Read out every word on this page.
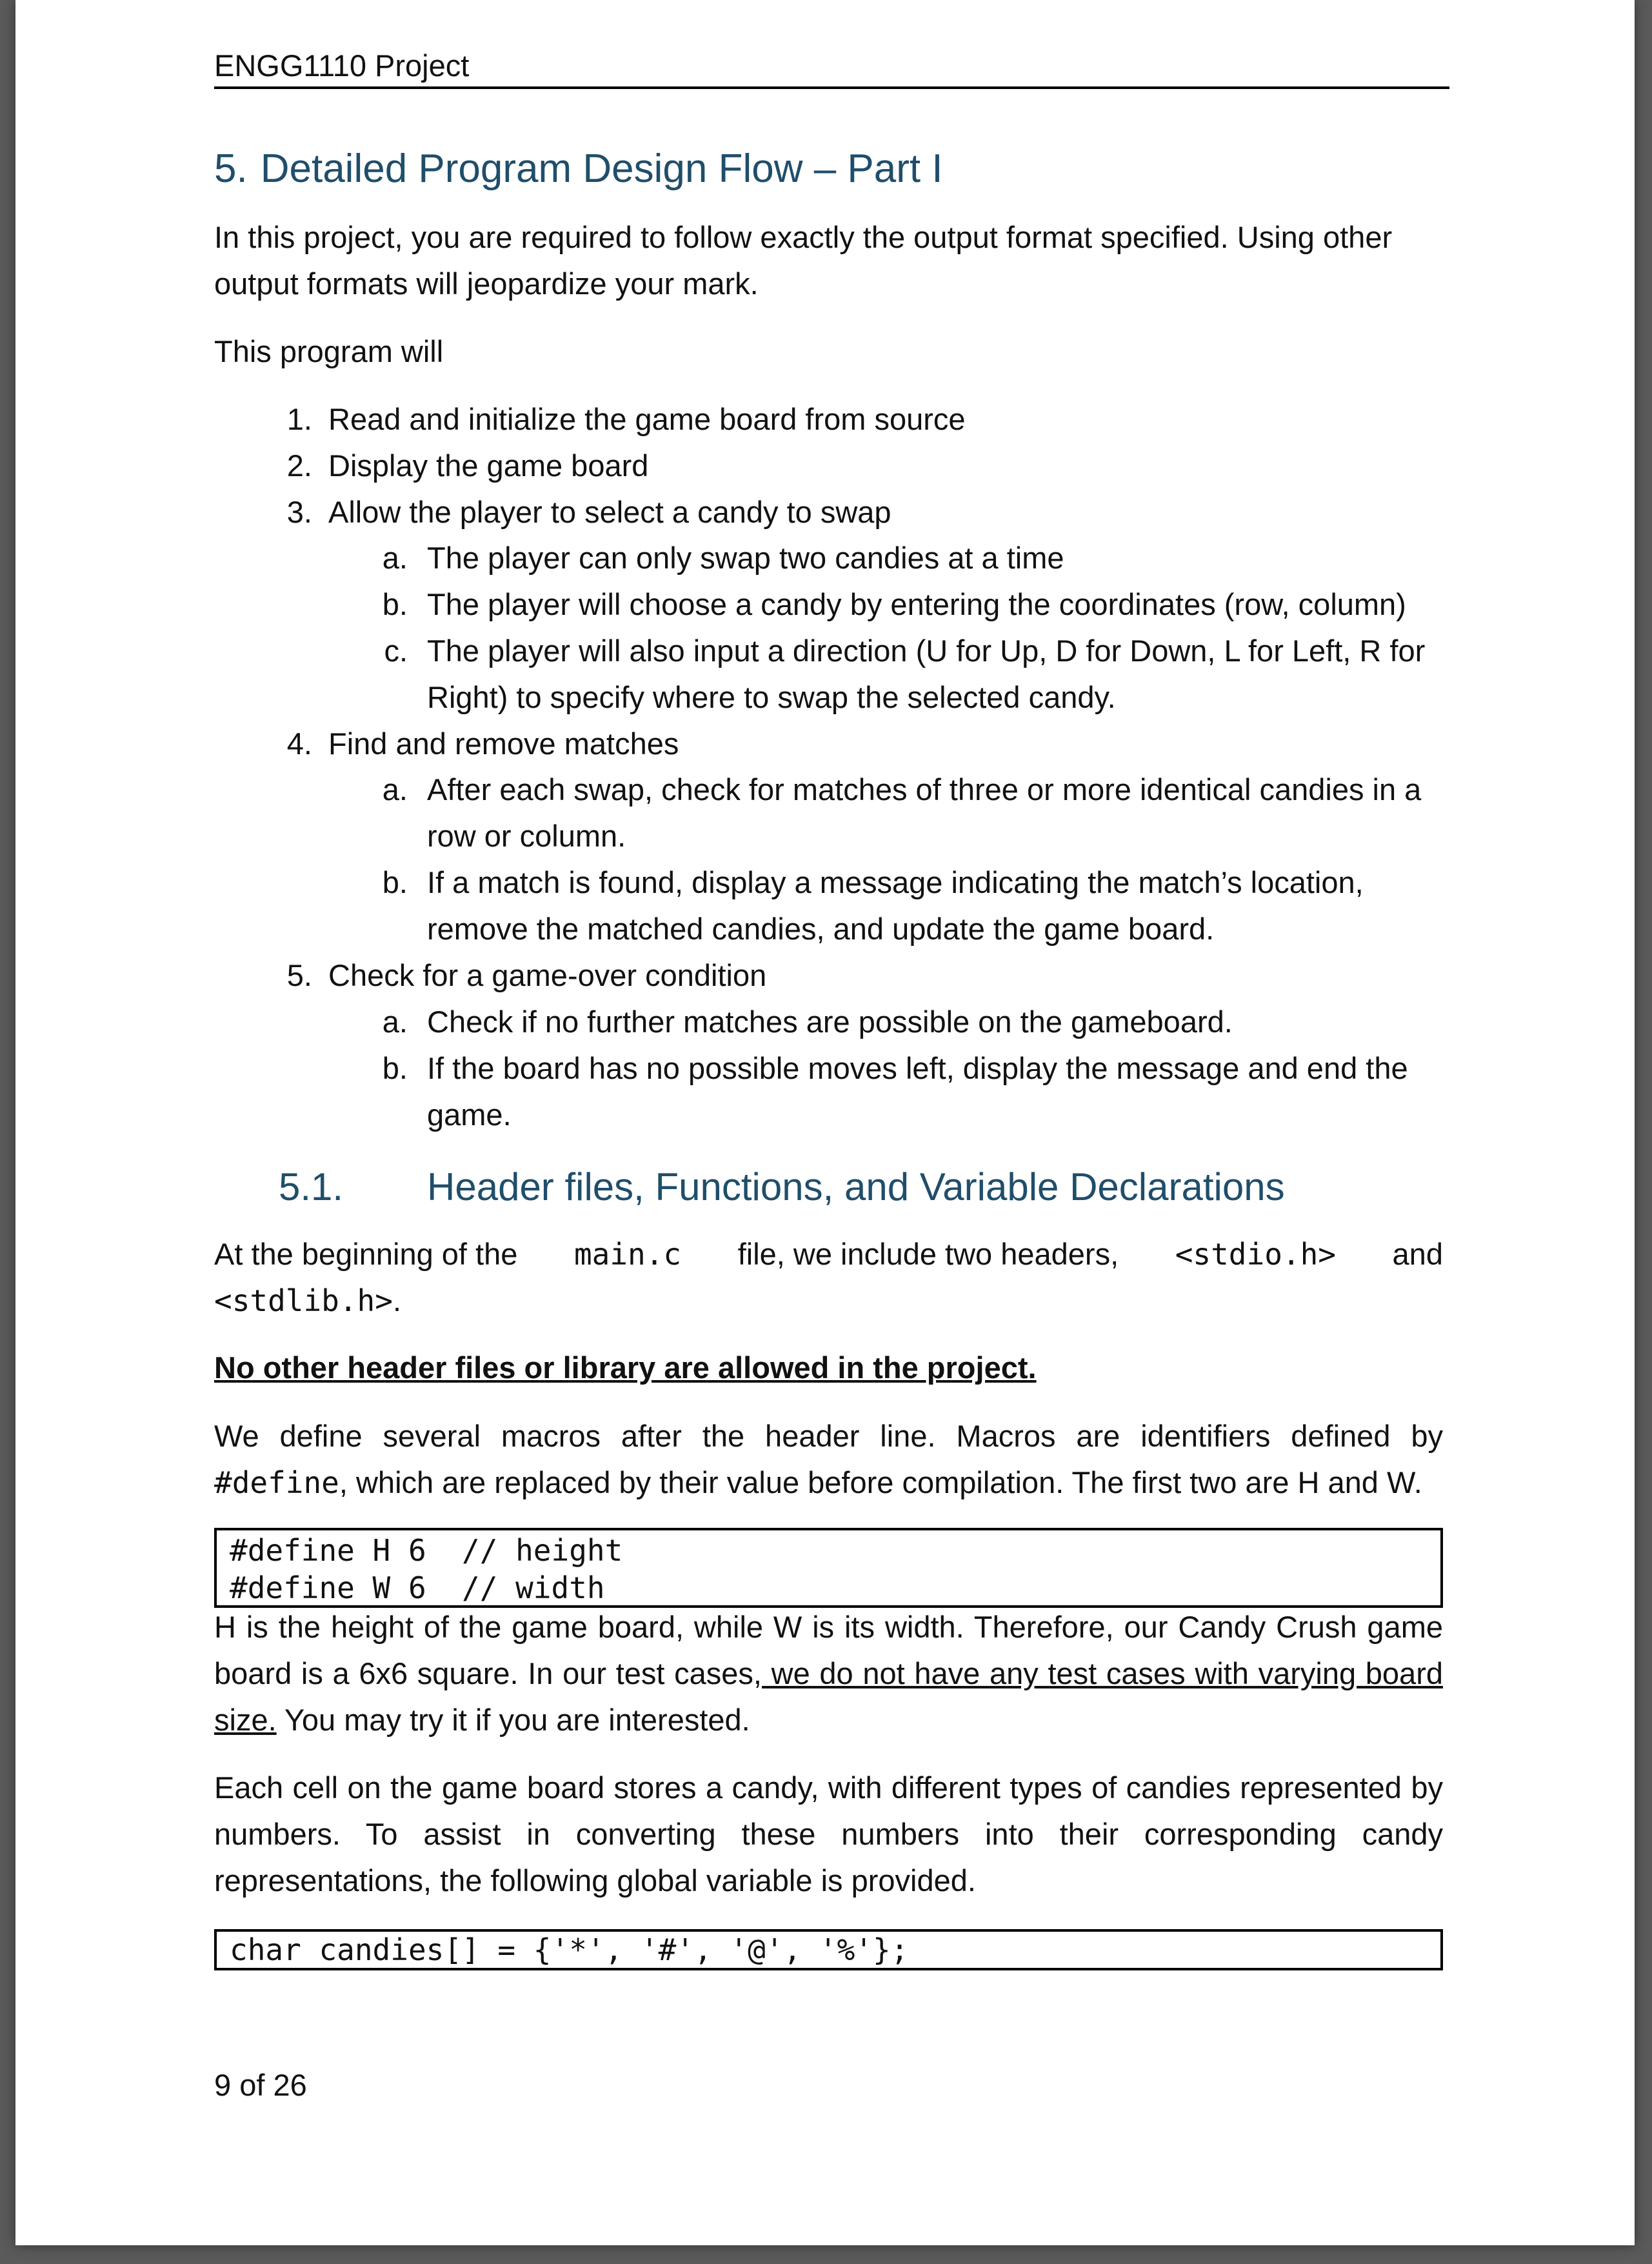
ENGG1110 Project
5. Detailed Program Design Flow – Part I
In this project, you are required to follow exactly the output format specified. Using other output formats will jeopardize your mark.
This program will
1. Read and initialize the game board from source
2. Display the game board
3. Allow the player to select a candy to swap
a. The player can only swap two candies at a time
b. The player will choose a candy by entering the coordinates (row, column)
c. The player will also input a direction (U for Up, D for Down, L for Left, R for Right) to specify where to swap the selected candy.
4. Find and remove matches
a. After each swap, check for matches of three or more identical candies in a row or column.
b. If a match is found, display a message indicating the match’s location, remove the matched candies, and update the game board.
5. Check for a game-over condition
a. Check if no further matches are possible on the gameboard.
b. If the board has no possible moves left, display the message and end the game.
5.1. Header files, Functions, and Variable Declarations
At the beginning of the main.c file, we include two headers, <stdio.h> and
<stdlib.h>.
No other header files or library are allowed in the project.
We define several macros after the header line. Macros are identifiers defined by
#define, which are replaced by their value before compilation. The first two are H and W.
#define H 6  // height
#define W 6  // width
H is the height of the game board, while W is its width. Therefore, our Candy Crush game board is a 6x6 square. In our test cases, we do not have any test cases with varying board size. You may try it if you are interested.
Each cell on the game board stores a candy, with different types of candies represented by numbers. To assist in converting these numbers into their corresponding candy representations, the following global variable is provided.
char candies[] = {'*', '#', '@', '%'};
9 of 26
